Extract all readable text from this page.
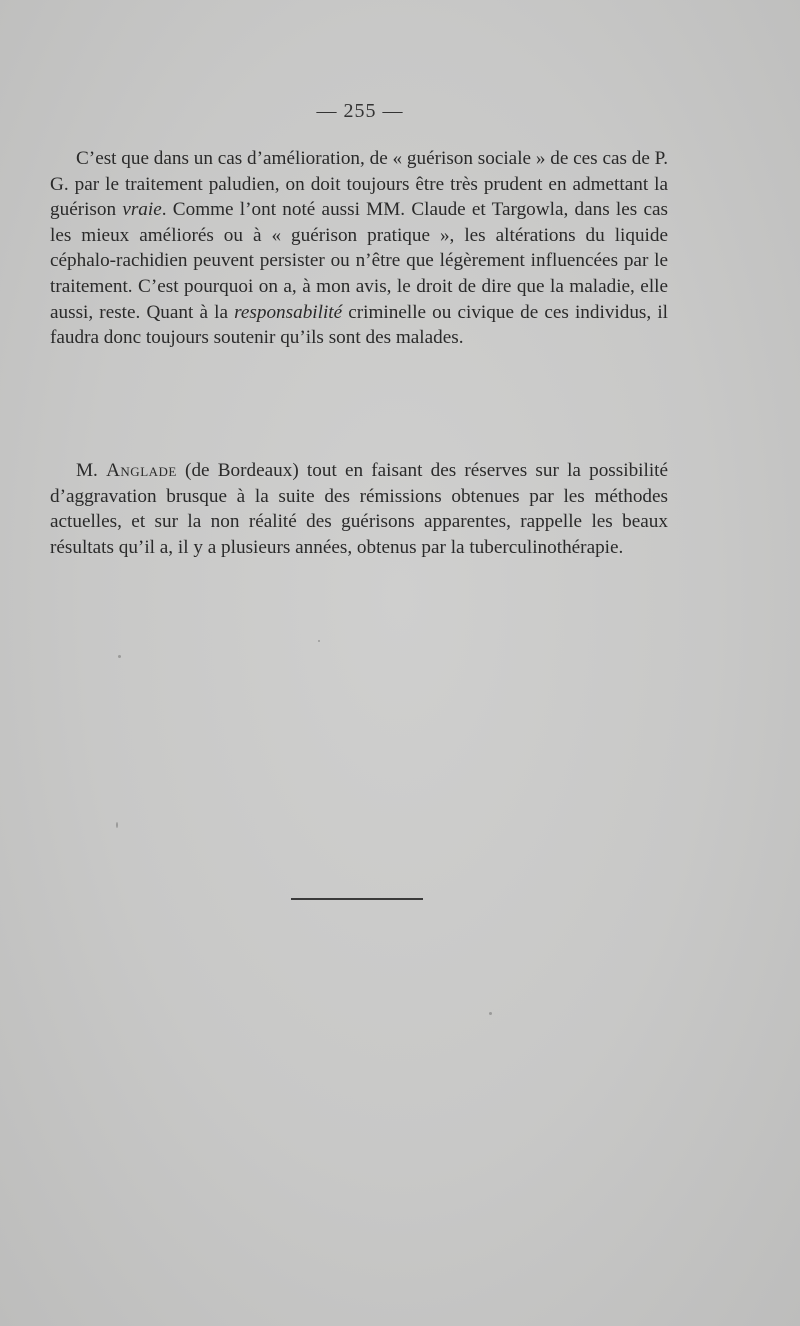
— 255 —

C’est que dans un cas d’amélioration, de « guérison sociale » de ces cas de P. G. par le traitement paludien, on doit toujours être très prudent en admettant la guérison vraie. Comme l’ont noté aussi MM. Claude et Targowla, dans les cas les mieux améliorés ou à « guérison pratique », les altérations du liquide céphalo-rachidien peuvent persister ou n’être que légèrement influencées par le traitement. C’est pourquoi on a, à mon avis, le droit de dire que la maladie, elle aussi, reste. Quant à la responsabilité criminelle ou civique de ces individus, il faudra donc toujours soutenir qu’ils sont des malades.

M. Anglade (de Bordeaux) tout en faisant des réserves sur la possibilité d’aggravation brusque à la suite des rémissions obtenues par les méthodes actuelles, et sur la non réalité des guérisons apparentes, rappelle les beaux résultats qu’il a, il y a plusieurs années, obtenus par la tuberculinothérapie.
